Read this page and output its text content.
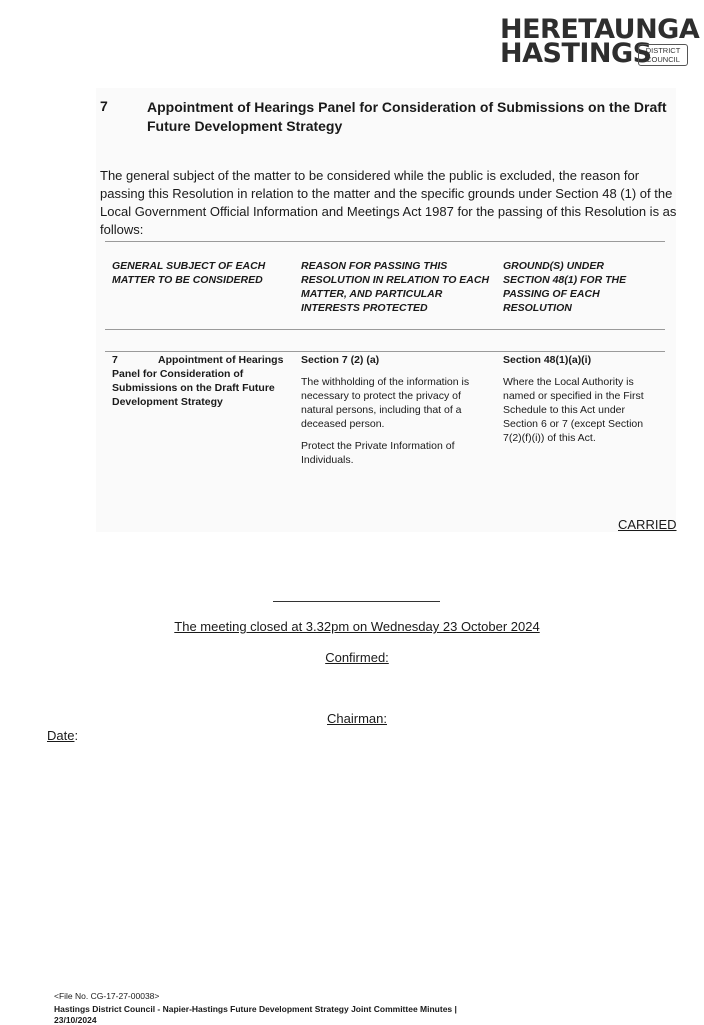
HERETAUNGA
HASTINGS
DISTRICT
COUNCIL
7	Appointment of Hearings Panel for Consideration of Submissions on the Draft Future Development Strategy
The general subject of the matter to be considered while the public is excluded, the reason for passing this Resolution in relation to the matter and the specific grounds under Section 48 (1) of the Local Government Official Information and Meetings Act 1987 for the passing of this Resolution is as follows:
GENERAL SUBJECT OF EACH MATTER TO BE CONSIDERED
REASON FOR PASSING THIS RESOLUTION IN RELATION TO EACH MATTER, AND PARTICULAR INTERESTS PROTECTED
GROUND(S) UNDER SECTION 48(1) FOR THE PASSING OF EACH RESOLUTION
7	Appointment of Hearings
Panel for Consideration of Submissions on the Draft Future Development Strategy

Section 7 (2) (a)

The withholding of the information is necessary to protect the privacy of natural persons, including that of a deceased person.

Protect the Private Information of Individuals.

Section 48(1)(a)(i)

Where the Local Authority is named or specified in the First Schedule to this Act under Section 6 or 7 (except Section 7(2)(f)(i)) of this Act.

CARRIED
The meeting closed at 3.32pm on Wednesday 23 October 2024
Confirmed:
Chairman:
Date:
<File No. CG-17-27-00038>
Hastings District Council - Napier-Hastings Future Development Strategy Joint Committee Minutes |
23/10/2024
